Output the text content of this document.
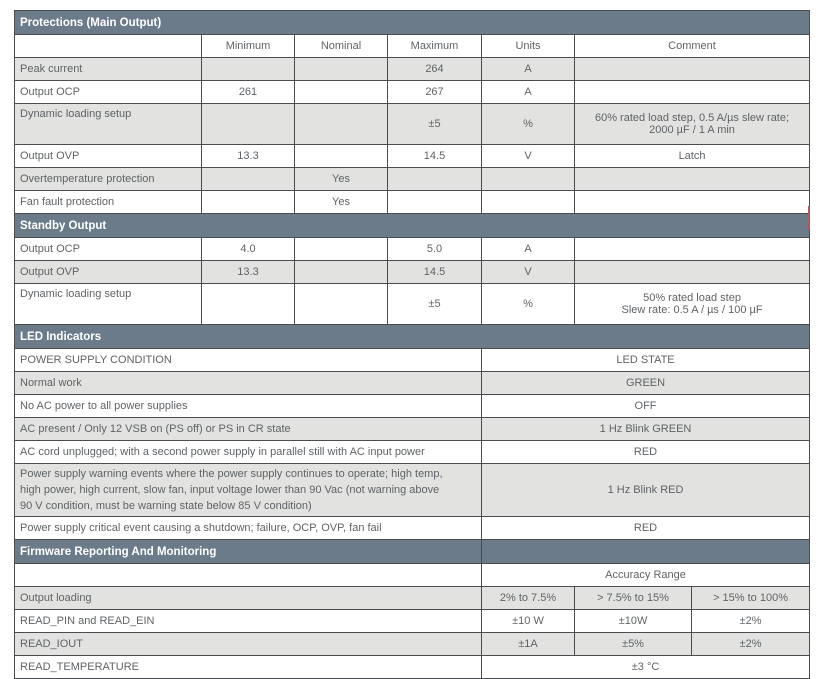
Protections (Main Output)						
	Minimum	Nominal	Maximum	Units	Comment	
Peak current			264	A		
Output OCP	261		267	A		
Dynamic loading setup			±5	%	60% rated load step, 0.5 A/µs slew rate;
2000 µF / 1 A min	

Output OVP	13.3		14.5	V	Latch	
Overtemperature protection		Yes				
Fan fault protection		Yes				
Standby Output						
Output OCP	4.0		5.0	A		
Output OVP	13.3		14.5	V		
Dynamic loading setup			±5	%	50% rated load step
Slew rate: 0.5 A / µs / 100 µF	

LED Indicators						
POWER SUPPLY CONDITION				LED STATE		
Normal work				GREEN		
No AC power to all power supplies				OFF		
AC present / Only 12 VSB on (PS off) or PS in CR state				1 Hz Blink GREEN		
AC cord unplugged; with a second power supply in parallel still with AC input power				RED		

Power supply warning events where the power supply continues to operate; high temp,
high power, high current, slow fan, input voltage lower than 90 Vac (not warning above
90 V condition, must be warning state below 85 V condition)				1 Hz Blink RED		
Power supply critical event causing a shutdown; failure, OCP, OVP, fan fail				RED		
Firmware Reporting And Monitoring						
				Accuracy Range		
Output loading				2% to 7.5%	> 7.5% to 15%	> 15% to 100%
READ_PIN and READ_EIN				±10 W	±10W	±2%
READ_IOUT				±1A	±5%	±2%
READ_TEMPERATURE				±3 °C		
